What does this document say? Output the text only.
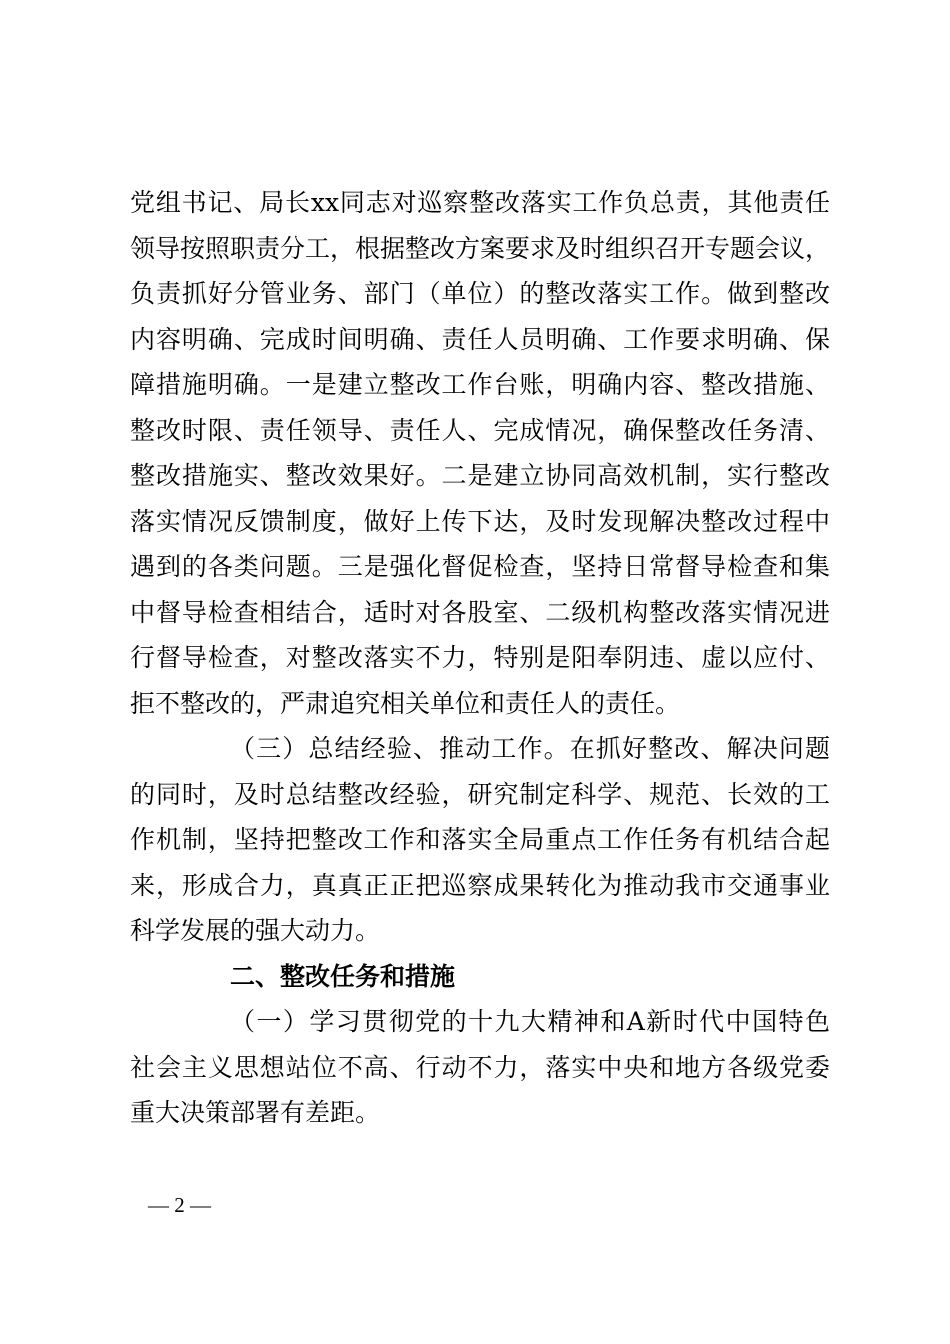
党组书记、局长xx同志对巡察整改落实工作负总责，其他责任
领导按照职责分工，根据整改方案要求及时组织召开专题会议，
负责抓好分管业务、部门（单位）的整改落实工作。做到整改
内容明确、完成时间明确、责任人员明确、工作要求明确、保
障措施明确。一是建立整改工作台账，明确内容、整改措施、
整改时限、责任领导、责任人、完成情况，确保整改任务清、
整改措施实、整改效果好。二是建立协同高效机制，实行整改
落实情况反馈制度，做好上传下达，及时发现解决整改过程中
遇到的各类问题。三是强化督促检查，坚持日常督导检查和集
中督导检查相结合，适时对各股室、二级机构整改落实情况进
行督导检查，对整改落实不力，特别是阳奉阴违、虚以应付、
拒不整改的，严肃追究相关单位和责任人的责任。
（三）总结经验、推动工作。在抓好整改、解决问题
的同时，及时总结整改经验，研究制定科学、规范、长效的工
作机制，坚持把整改工作和落实全局重点工作任务有机结合起
来，形成合力，真真正正把巡察成果转化为推动我市交通事业
科学发展的强大动力。
二、整改任务和措施
（一）学习贯彻党的十九大精神和A新时代中国特色
社会主义思想站位不高、行动不力，落实中央和地方各级党委
重大决策部署有差距。
— 2 —
